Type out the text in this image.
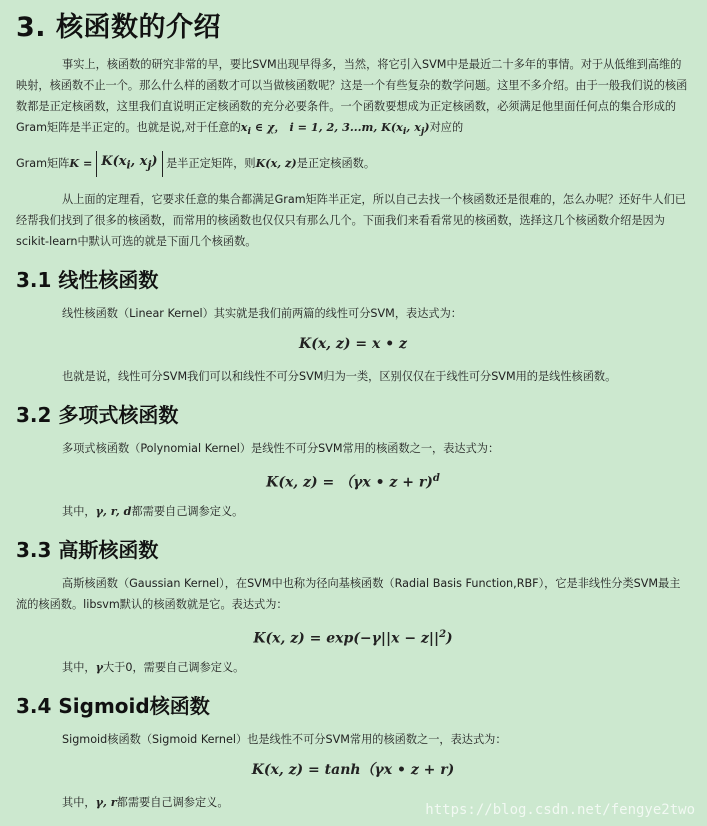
3. 核函数的介绍

事实上，核函数的研究非常的早，要比SVM出现早得多，当然，将它引入SVM中是最近二十多年的事情。对于从低维到高维的映射，核函数不止一个。那么什么样的函数才可以当做核函数呢？这是一个有些复杂的数学问题。这里不多介绍。由于一般我们说的核函数都是正定核函数，这里我们直说明正定核函数的充分必要条件。一个函数要想成为正定核函数，必须满足他里面任何点的集合形成的Gram矩阵是半正定的。也就是说,对于任意的$x_i$ ∈ χ， i = 1, 2, 3...m, $K(x_i$, $x_j$)对应的

Gram矩阵$K = K(x_i$, $x_j$) 是半正定矩阵，则K(x, z)是正定核函数。

从上面的定理看，它要求任意的集合都满足Gram矩阵半正定，所以自己去找一个核函数还是很难的，怎么办呢？还好牛人们已经帮我们找到了很多的核函数，而常用的核函数也仅仅只有那么几个。下面我们来看看常见的核函数，选择这几个核函数介绍是因为scikit-learn中默认可选的就是下面几个核函数。

3.1 线性核函数

线性核函数（Linear Kernel）其实就是我们前两篇的线性可分SVM，表达式为：

K(x, z) = x • z

也就是说，线性可分SVM我们可以和线性不可分SVM归为一类，区别仅仅在于线性可分SVM用的是线性核函数。

3.2 多项式核函数

多项式核函数（Polynomial Kernel）是线性不可分SVM常用的核函数之一，表达式为：

K(x, z) = （γx • z + r)$^d$

其中，γ, r, d都需要自己调参定义。

3.3 高斯核函数

高斯核函数（Gaussian Kernel），在SVM中也称为径向基核函数（Radial Basis Function,RBF），它是非线性分类SVM最主流的核函数。libsvm默认的核函数就是它。表达式为：

K(x, $z) = \exp(-\gamma||x - z||^2)$

其中，γ大于0，需要自己调参定义。

3.4 Sigmoid核函数

Sigmoid核函数（Sigmoid Kernel）也是线性不可分SVM常用的核函数之一，表达式为：

K(x, z) = tanh（γx • z + r)

其中，γ, r都需要自己调参定义。	https://blog.csdn.net/fengye2two
